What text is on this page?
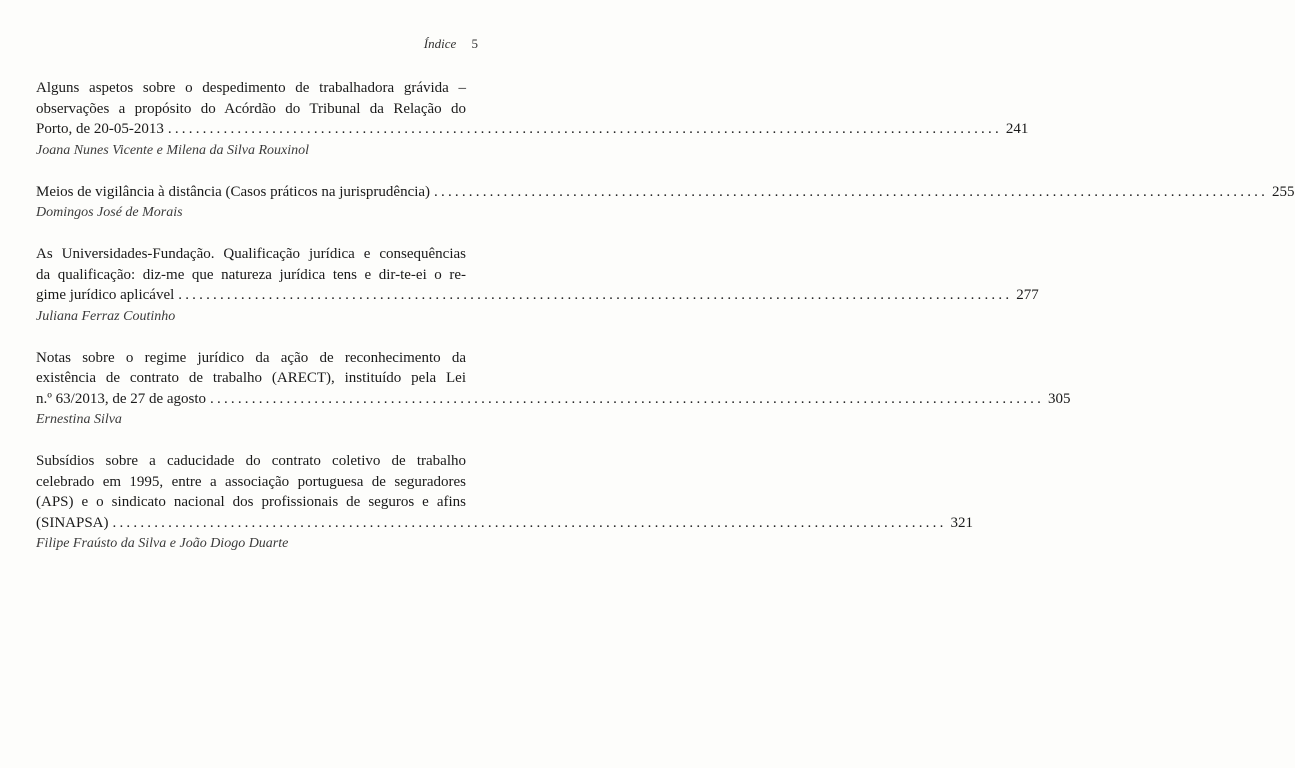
Índice 5
Alguns aspetos sobre o despedimento de trabalhadora grávida –
observações a propósito do Acórdão do Tribunal da Relação do
Porto, de 20-05-2013 ........................................................................................................................ 241
Joana Nunes Vicente e Milena da Silva Rouxinol
Meios de vigilância à distância (Casos práticos na jurisprudência) ........................................................................................................................ 255
Domingos José de Morais
As Universidades-Fundação. Qualificação jurídica e consequências
da qualificação: diz-me que natureza jurídica tens e dir-te-ei o re-
gime jurídico aplicável ........................................................................................................................ 277
Juliana Ferraz Coutinho
Notas sobre o regime jurídico da ação de reconhecimento da
existência de contrato de trabalho (ARECT), instituído pela Lei
n.º 63/2013, de 27 de agosto ........................................................................................................................ 305
Ernestina Silva
Subsídios sobre a caducidade do contrato coletivo de trabalho
celebrado em 1995, entre a associação portuguesa de seguradores
(APS) e o sindicato nacional dos profissionais de seguros e afins
(SINAPSA) ........................................................................................................................ 321
Filipe Fraústo da Silva e João Diogo Duarte
